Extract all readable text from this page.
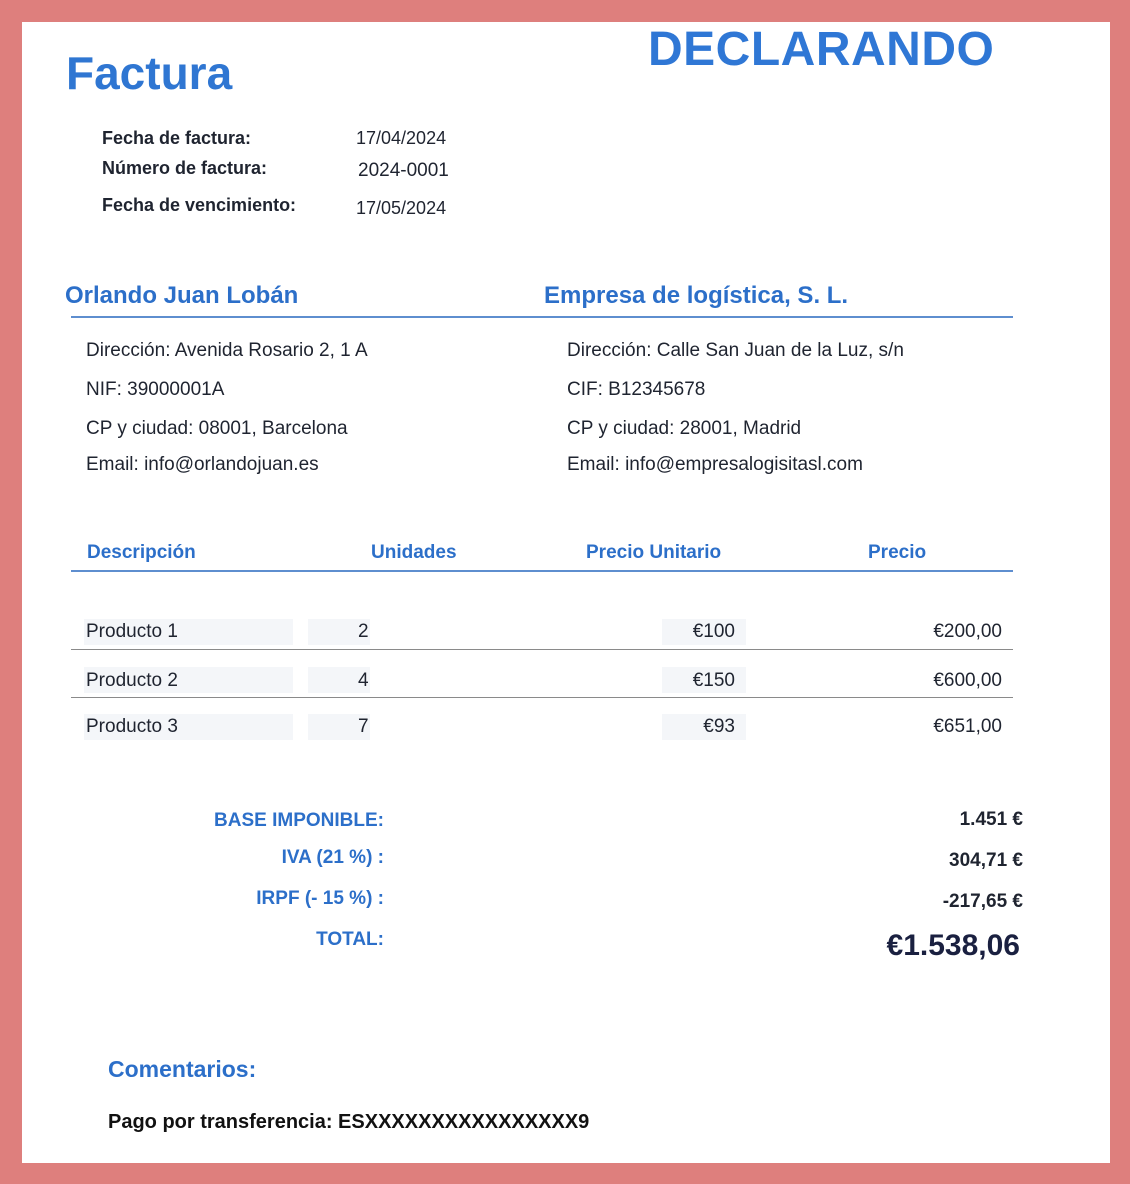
Factura	DECLARANDO
Fecha de factura:	17/04/2024
Número de factura:	2024-0001
Fecha de vencimiento:	17/05/2024
Orlando Juan Lobán	Empresa de logística, S. L.
Dirección: Avenida Rosario 2, 1 A
NIF: 39000001A
CP y ciudad: 08001, Barcelona
Email: info@orlandojuan.es
Dirección: Calle San Juan de la Luz, s/n
CIF: B12345678
CP y ciudad: 28001, Madrid
Email: info@empresalogisitasl.com
Descripción	Unidades	Precio Unitario	Precio
Producto 1	2	€100	€200,00
Producto 2	4	€150	€600,00
Producto 3	7	€93	€651,00
BASE IMPONIBLE:	1.451 €
IVA (21 %) :	304,71 €
IRPF (- 15 %) :	-217,65 €
TOTAL:	€1.538,06
Comentarios:
Pago por transferencia: ESXXXXXXXXXXXXXXXX9
